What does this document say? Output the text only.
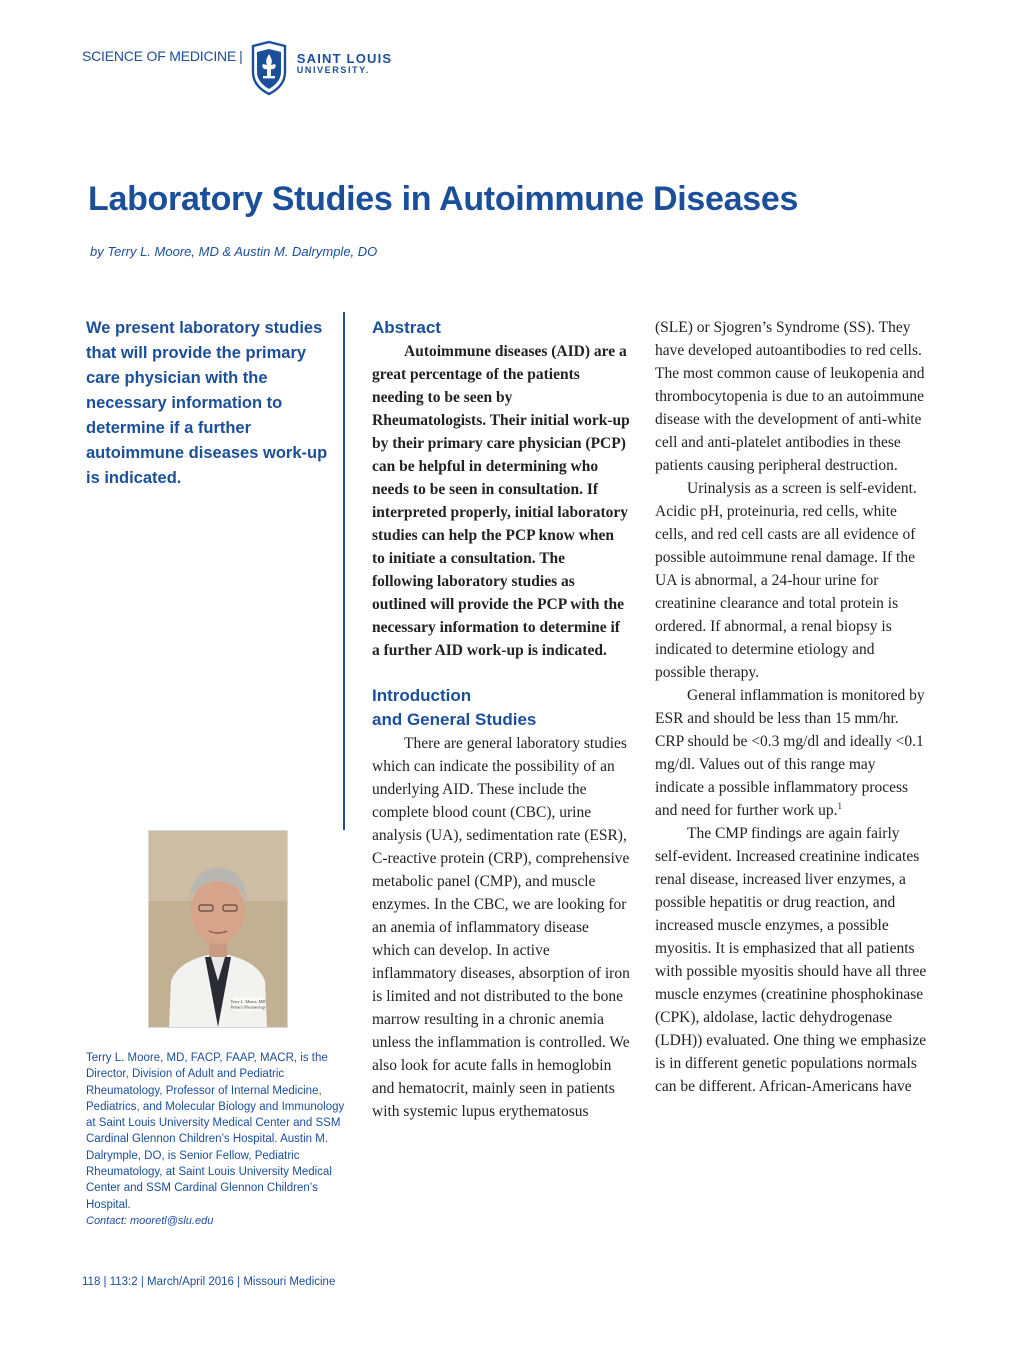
SCIENCE OF MEDICINE |	SAINT LOUIS
UNIVERSITY.
Laboratory Studies in Autoimmune Diseases
by Terry L. Moore, MD & Austin M. Dalrymple, DO
We present laboratory studies that will provide the primary care physician with the necessary information to determine if a further autoimmune diseases work-up is indicated.
Terry L. Moore, MD
Pediatric Rheumatology
Terry L. Moore, MD, FACP, FAAP, MACR, is the Director, Division of Adult and Pediatric Rheumatology, Professor of Internal Medicine, Pediatrics, and Molecular Biology and Immunology at Saint Louis University Medical Center and SSM Cardinal Glennon Children’s Hospital. Austin M. Dalrymple, DO, is Senior Fellow, Pediatric Rheumatology, at Saint Louis University Medical Center and SSM Cardinal Glennon Children’s Hospital.
Contact: mooretl@slu.edu

Abstract

Autoimmune diseases (AID) are a great percentage of the patients needing to be seen by Rheumatologists. Their initial work-up by their primary care physician (PCP) can be helpful in determining who needs to be seen in consultation. If interpreted properly, initial laboratory studies can help the PCP know when to initiate a consultation. The following laboratory studies as outlined will provide the PCP with the necessary information to determine if a further AID work-up is indicated.

Introduction

and General Studies

There are general laboratory studies which can indicate the possibility of an underlying AID. These include the complete blood count (CBC), urine analysis (UA), sedimentation rate (ESR), C-reactive protein (CRP), comprehensive metabolic panel (CMP), and muscle enzymes. In the CBC, we are looking for an anemia of inflammatory disease which can develop. In active inflammatory diseases, absorption of iron is limited and not distributed to the bone marrow resulting in a chronic anemia unless the inflammation is controlled. We also look for acute falls in hemoglobin and hematocrit, mainly seen in patients with systemic lupus erythematosus

(SLE) or Sjogren’s Syndrome (SS). They have developed autoantibodies to red cells. The most common cause of leukopenia and thrombocytopenia is due to an autoimmune disease with the development of anti-white cell and anti-platelet antibodies in these patients causing peripheral destruction.

Urinalysis as a screen is self-evident. Acidic pH, proteinuria, red cells, white cells, and red cell casts are all evidence of possible autoimmune renal damage. If the UA is abnormal, a 24-hour urine for creatinine clearance and total protein is ordered. If abnormal, a renal biopsy is indicated to determine etiology and possible therapy.

General inflammation is monitored by ESR and should be less than 15 mm/hr. CRP should be <0.3 mg/dl and ideally <0.1 mg/dl. Values out of this range may indicate a possible inflammatory process and need for further work up.$^1$

The CMP findings are again fairly self-evident. Increased creatinine indicates renal disease, increased liver enzymes, a possible hepatitis or drug reaction, and increased muscle enzymes, a possible myositis. It is emphasized that all patients with possible myositis should have all three muscle enzymes (creatinine phosphokinase (CPK), aldolase, lactic dehydrogenase (LDH)) evaluated. One thing we emphasize is in different genetic populations normals can be different. African-Americans have

118 | 113:2 | March/April 2016 | Missouri Medicine
